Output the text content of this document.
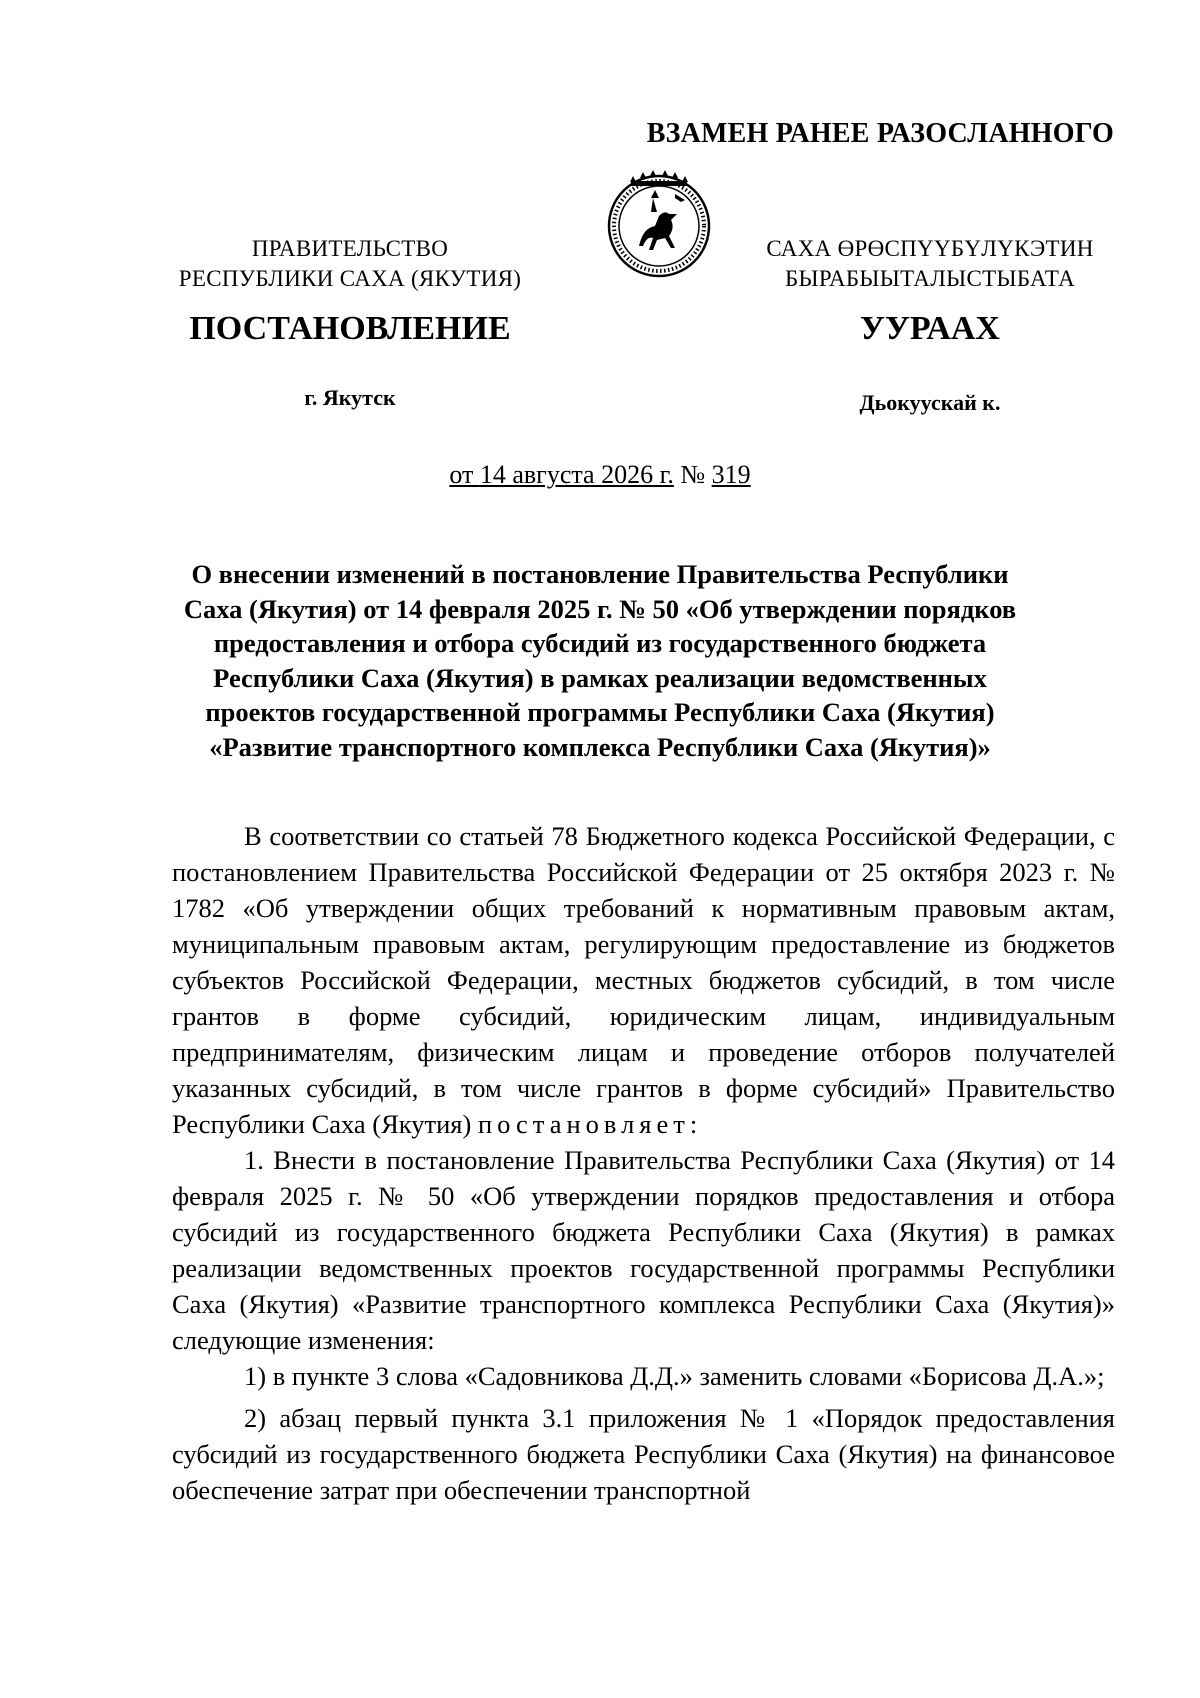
ВЗАМЕН РАНЕЕ РАЗОСЛАННОГО
ПРАВИТЕЛЬСТВО
РЕСПУБЛИКИ САХА (ЯКУТИЯ)
САХА ӨРӨСПҮҮБҮЛҮКЭТИН
БЫРАБЫЫТАЛЫСТЫБАТА
ПОСТАНОВЛЕНИЕ	УУРААХ
г. Якутск	Дьокуускай к.
от 14 августа 2026 г. № 319
О внесении изменений в постановление Правительства Республики
Саха (Якутия) от 14 февраля 2025 г. № 50 «Об утверждении порядков
предоставления и отбора субсидий из государственного бюджета
Республики Саха (Якутия) в рамках реализации ведомственных
проектов государственной программы Республики Саха (Якутия)
«Развитие транспортного комплекса Республики Саха (Якутия)»

В соответствии со статьей 78 Бюджетного кодекса Российской Федерации, с постановлением Правительства Российской Федерации от 25 октября 2023 г. № 1782 «Об утверждении общих требований к нормативным правовым актам, муниципальным правовым актам, регулирующим предоставление из бюджетов субъектов Российской Федерации, местных бюджетов субсидий, в том числе грантов в форме субсидий, юридическим лицам, индивидуальным предпринимателям, физическим лицам и проведение отборов получателей указанных субсидий, в том числе грантов в форме субсидий» Правительство Республики Саха (Якутия) постановляет:

1. Внести в постановление Правительства Республики Саха (Якутия) от 14 февраля 2025 г. № 50 «Об утверждении порядков предоставления и отбора субсидий из государственного бюджета Республики Саха (Якутия) в рамках реализации ведомственных проектов государственной программы Республики Саха (Якутия) «Развитие транспортного комплекса Республики Саха (Якутия)» следующие изменения:

1) в пункте 3 слова «Садовникова Д.Д.» заменить словами «Борисова Д.А.»;

2) абзац первый пункта 3.1 приложения № 1 «Порядок предоставления субсидий из государственного бюджета Республики Саха (Якутия) на финансовое обеспечение затрат при обеспечении транспортной
